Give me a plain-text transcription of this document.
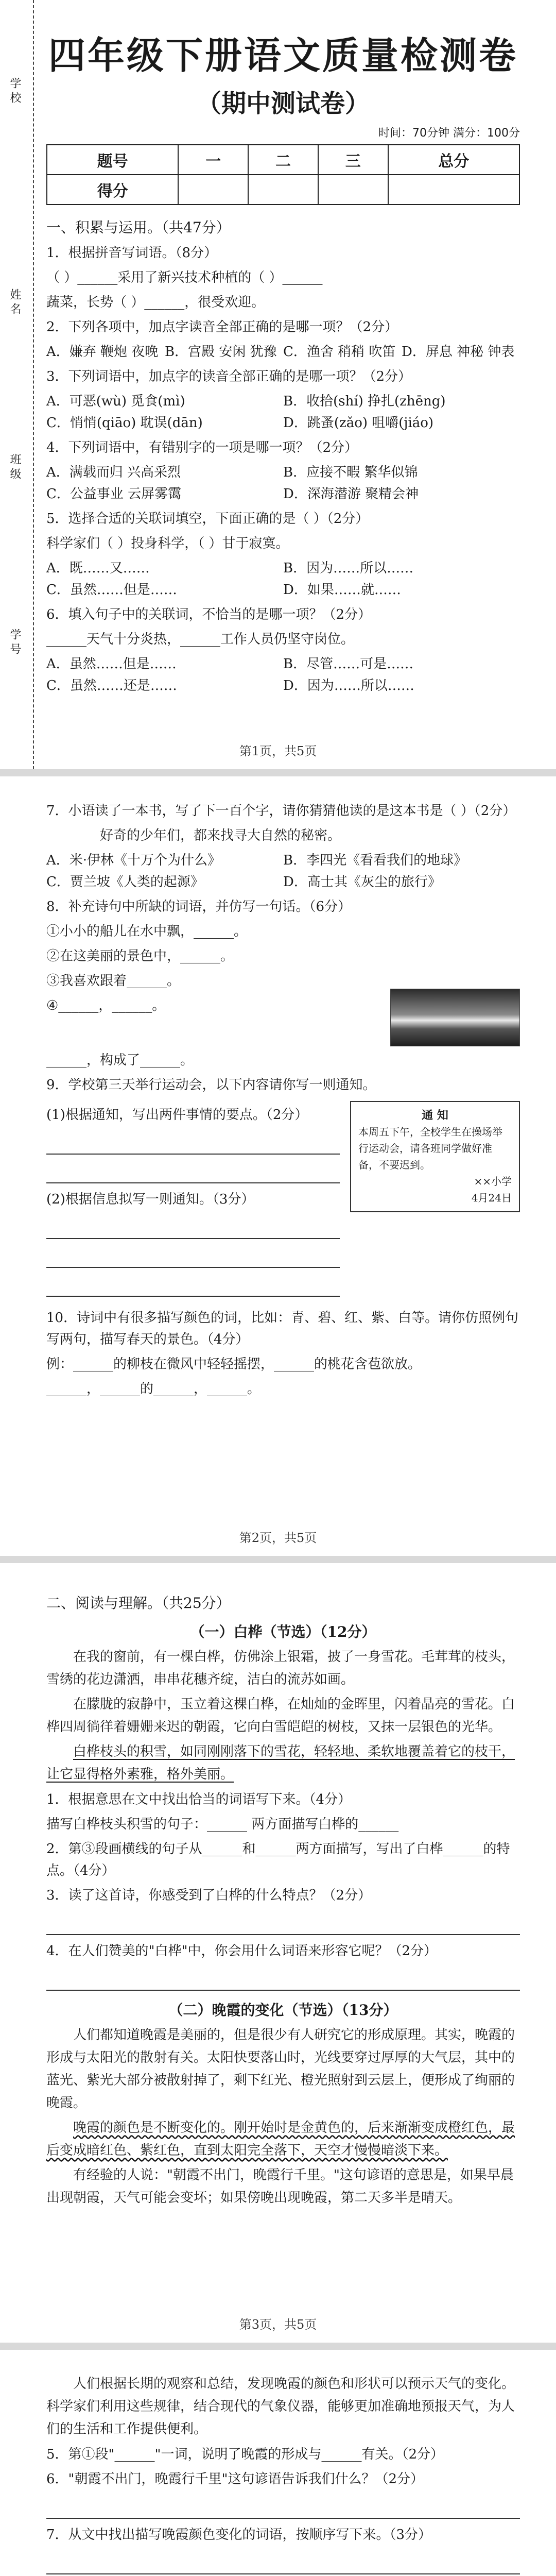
学校
姓名
班级
学号
四年级下册语文质量检测卷
（期中测试卷）
时间：70分钟 满分：100分
题号	一	二	三	总分
得分				
一、积累与运用。（共47分）
1．根据拼音写词语。（8分）
（ ）______采用了新兴技术种植的（ ）______
蔬菜，长势（ ）______，很受欢迎。
2．下列各项中，加点字读音全部正确的是哪一项？（2分）
A．嫌弃 鞭炮 夜晚 B．宫殿 安闲 犹豫 C．渔舍 稍稍 吹笛 D．屏息 神秘 钟表
3．下列词语中，加点字的读音全部正确的是哪一项？（2分）
A．可恶(wù) 觅食(mì)	B．收拾(shí) 挣扎(zhēng)
C．悄悄(qiāo) 耽误(dān)	D．跳蚤(zǎo) 咀嚼(jiáo)
4．下列词语中，有错别字的一项是哪一项？（2分）
A．满载而归 兴高采烈	B．应接不暇 繁华似锦
C．公益事业 云屏雾霭	D．深海潜游 聚精会神
5．选择合适的关联词填空，下面正确的是（ ）（2分）
科学家们（ ）投身科学，（ ）甘于寂寞。
A．既……又……	B．因为……所以……
C．虽然……但是……	D．如果……就……
6．填入句子中的关联词，不恰当的是哪一项？（2分）
______天气十分炎热，______工作人员仍坚守岗位。
A．虽然……但是……	B．尽管……可是……
C．虽然……还是……	D．因为……所以……
第1页，共5页
7．小语读了一本书，写了下一百个字，请你猜猜他读的是这本书是（ ）（2分）
好奇的少年们，都来找寻大自然的秘密。
A．米·伊林《十万个为什么》	B．李四光《看看我们的地球》
C．贾兰坡《人类的起源》	D．高士其《灰尘的旅行》
8．补充诗句中所缺的词语，并仿写一句话。（6分）
①小小的船儿在水中飘，______。
②在这美丽的景色中，______。
③我喜欢跟着______。
④______，______。
______，构成了______。
9．学校第三天举行运动会，以下内容请你写一则通知。
(1)根据通知，写出两件事情的要点。（2分）
(2)根据信息拟写一则通知。（3分）
通 知
本周五下午，全校学生在操场举行运动会，请各班同学做好准备，不要迟到。
××小学
4月24日
10．诗词中有很多描写颜色的词，比如：青、碧、红、紫、白等。请你仿照例句写两句，描写春天的景色。（4分）
例：______的柳枝在微风中轻轻摇摆，______的桃花含苞欲放。
______，______的______，______。
第2页，共5页
二、阅读与理解。（共25分）
（一）白桦（节选）（12分）
在我的窗前，有一棵白桦，仿佛涂上银霜，披了一身雪花。毛茸茸的枝头，雪绣的花边潇洒，串串花穗齐绽，洁白的流苏如画。
在朦胧的寂静中，玉立着这棵白桦，在灿灿的金晖里，闪着晶亮的雪花。白桦四周徜徉着姗姗来迟的朝霞，它向白雪皑皑的树枝，又抹一层银色的光华。
白桦枝头的积雪，如同刚刚落下的雪花，轻轻地、柔软地覆盖着它的枝干，让它显得格外素雅，格外美丽。
1．根据意思在文中找出恰当的词语写下来。（4分）
描写白桦枝头积雪的句子：______ 两方面描写白桦的______
2．第③段画横线的句子从______和______两方面描写，写出了白桦______的特点。（4分）
3．读了这首诗，你感受到了白桦的什么特点？（2分）
4．在人们赞美的"白桦"中，你会用什么词语来形容它呢？（2分）
（二）晚霞的变化（节选）（13分）
人们都知道晚霞是美丽的，但是很少有人研究它的形成原理。其实，晚霞的形成与太阳光的散射有关。太阳快要落山时，光线要穿过厚厚的大气层，其中的蓝光、紫光大部分被散射掉了，剩下红光、橙光照射到云层上，便形成了绚丽的晚霞。
晚霞的颜色是不断变化的。刚开始时是金黄色的，后来渐渐变成橙红色，最后变成暗红色、紫红色，直到太阳完全落下，天空才慢慢暗淡下来。
有经验的人说："朝霞不出门，晚霞行千里。"这句谚语的意思是，如果早晨出现朝霞，天气可能会变坏；如果傍晚出现晚霞，第二天多半是晴天。
第3页，共5页
人们根据长期的观察和总结，发现晚霞的颜色和形状可以预示天气的变化。科学家们利用这些规律，结合现代的气象仪器，能够更加准确地预报天气，为人们的生活和工作提供便利。
5．第①段"______"一词，说明了晚霞的形成与______有关。（2分）
6．"朝霞不出门，晚霞行千里"这句谚语告诉我们什么？（2分）
7．从文中找出描写晚霞颜色变化的词语，按顺序写下来。（3分）
